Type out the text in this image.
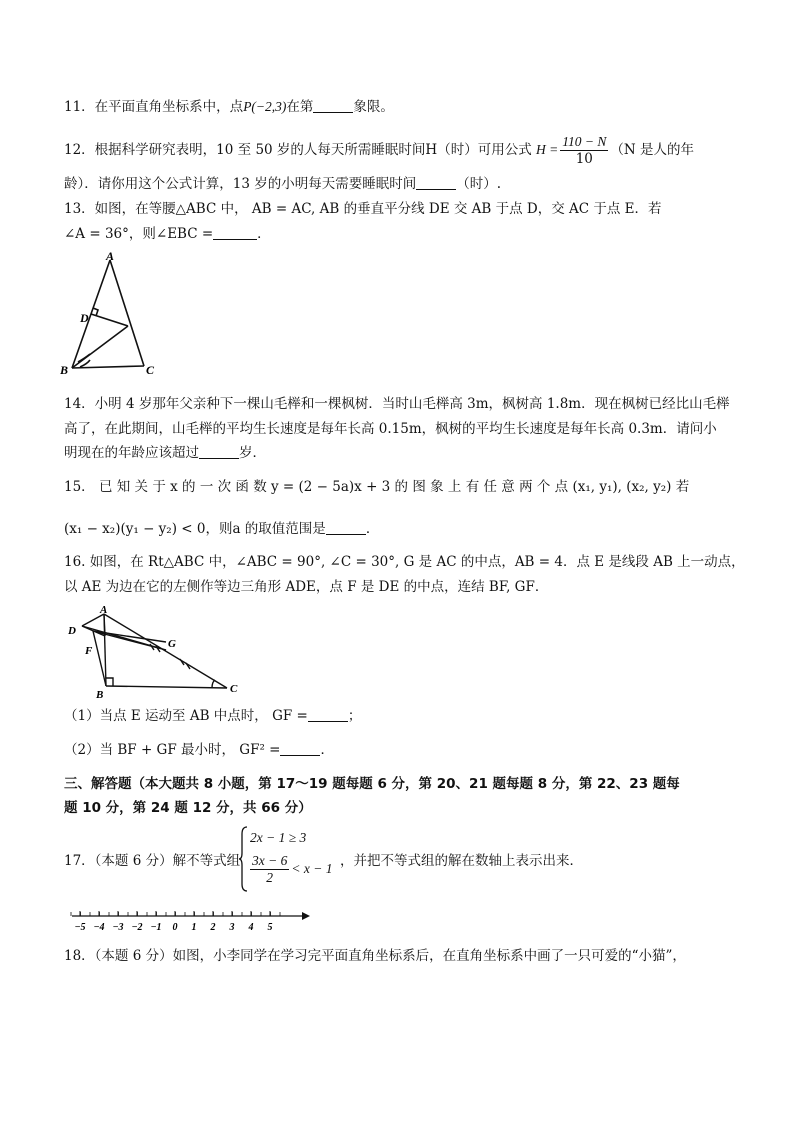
11．在平面直角坐标系中，点P(−2,3)在第	象限。
12．根据科学研究表明，10 至 50 岁的人每天所需睡眠时间H（时）可用公式 $H = \frac{110 - N}{10} (N$ 是人的年
龄）．请你用这个公式计算，13 岁的小明每天需要睡眠时间	（时）.
13．如图，在等腰△ABC 中， AB = AC, AB 的垂直平分线 DE 交 AB 于点 D，交 AC 于点 E．若
∠A = 36°，则∠EBC =	．
A
B	C
D
14．小明 4 岁那年父亲种下一棵山毛榉和一棵枫树．当时山毛榉高 3m，枫树高 1.8m．现在枫树已经比山毛榉
高了，在此期间，山毛榉的平均生长速度是每年长高 0.15m，枫树的平均生长速度是每年长高 0.3m．请问小
明现在的年龄应该超过	岁．
15． 已 知 关 于 x 的 一 次 函 数 y = (2 − 5a)x + 3 的 图 象 上 有 任 意 两 个 点 (x₁, y₁), (x₂, y₂) 若
(x₁ − x₂)(y₁ − y₂) < 0，则a 的取值范围是	．
16. 如图，在 Rt△ABC 中，∠ABC = 90°, ∠C = 30°, G 是 AC 的中点，AB = 4．点 E 是线段 AB 上一动点，
以 AE 为边在它的左侧作等边三角形 ADE，点 F 是 DE 的中点，连结 BF, GF．
A
D
F
G
B	C
（1）当点 E 运动至 AB 中点时， GF =	；
（2）当 BF + GF 最小时， GF² =	．
三、解答题（本大题共 8 小题，第 17～19 题每题 6 分，第 20、21 题每题 8 分，第 22、23 题每
题 10 分，第 24 题 12 分，共 66 分）
17．（本题 6 分）解不等式组
2x − 1 ≥ 3
$\frac{3x - 6}{2} < x - 1$ ，并把不等式组的解在数轴上表示出来．
−5 −4 −3 −2 −1 0 1 2 3 4 5
18．（本题 6 分）如图，小李同学在学习完平面直角坐标系后，在直角坐标系中画了一只可爱的“小猫”，
